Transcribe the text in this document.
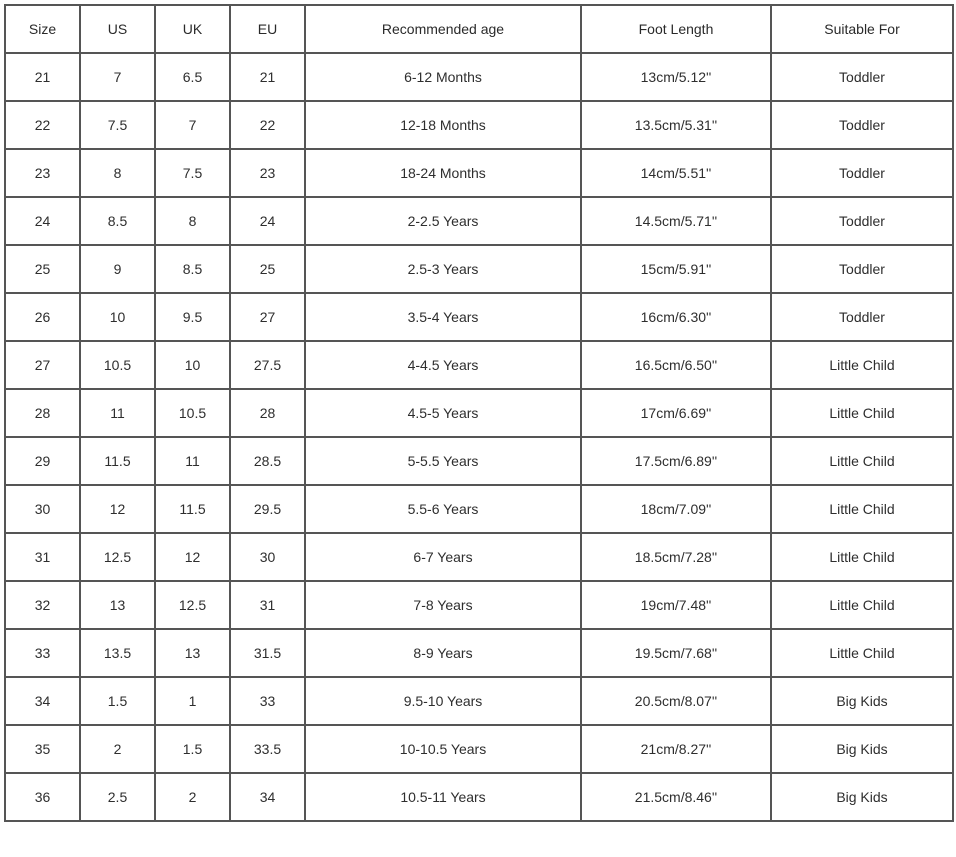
Size	US	UK	EU	Recommended age	Foot Length	Suitable For
21	7	6.5	21	6-12 Months	13cm/5.12''	Toddler
22	7.5	7	22	12-18 Months	13.5cm/5.31''	Toddler
23	8	7.5	23	18-24 Months	14cm/5.51''	Toddler
24	8.5	8	24	2-2.5 Years	14.5cm/5.71''	Toddler
25	9	8.5	25	2.5-3 Years	15cm/5.91''	Toddler
26	10	9.5	27	3.5-4 Years	16cm/6.30''	Toddler
27	10.5	10	27.5	4-4.5 Years	16.5cm/6.50''	Little Child
28	11	10.5	28	4.5-5 Years	17cm/6.69''	Little Child
29	11.5	11	28.5	5-5.5 Years	17.5cm/6.89''	Little Child
30	12	11.5	29.5	5.5-6 Years	18cm/7.09''	Little Child
31	12.5	12	30	6-7 Years	18.5cm/7.28''	Little Child
32	13	12.5	31	7-8 Years	19cm/7.48''	Little Child
33	13.5	13	31.5	8-9 Years	19.5cm/7.68''	Little Child
34	1.5	1	33	9.5-10 Years	20.5cm/8.07''	Big Kids
35	2	1.5	33.5	10-10.5 Years	21cm/8.27''	Big Kids
36	2.5	2	34	10.5-11 Years	21.5cm/8.46''	Big Kids
